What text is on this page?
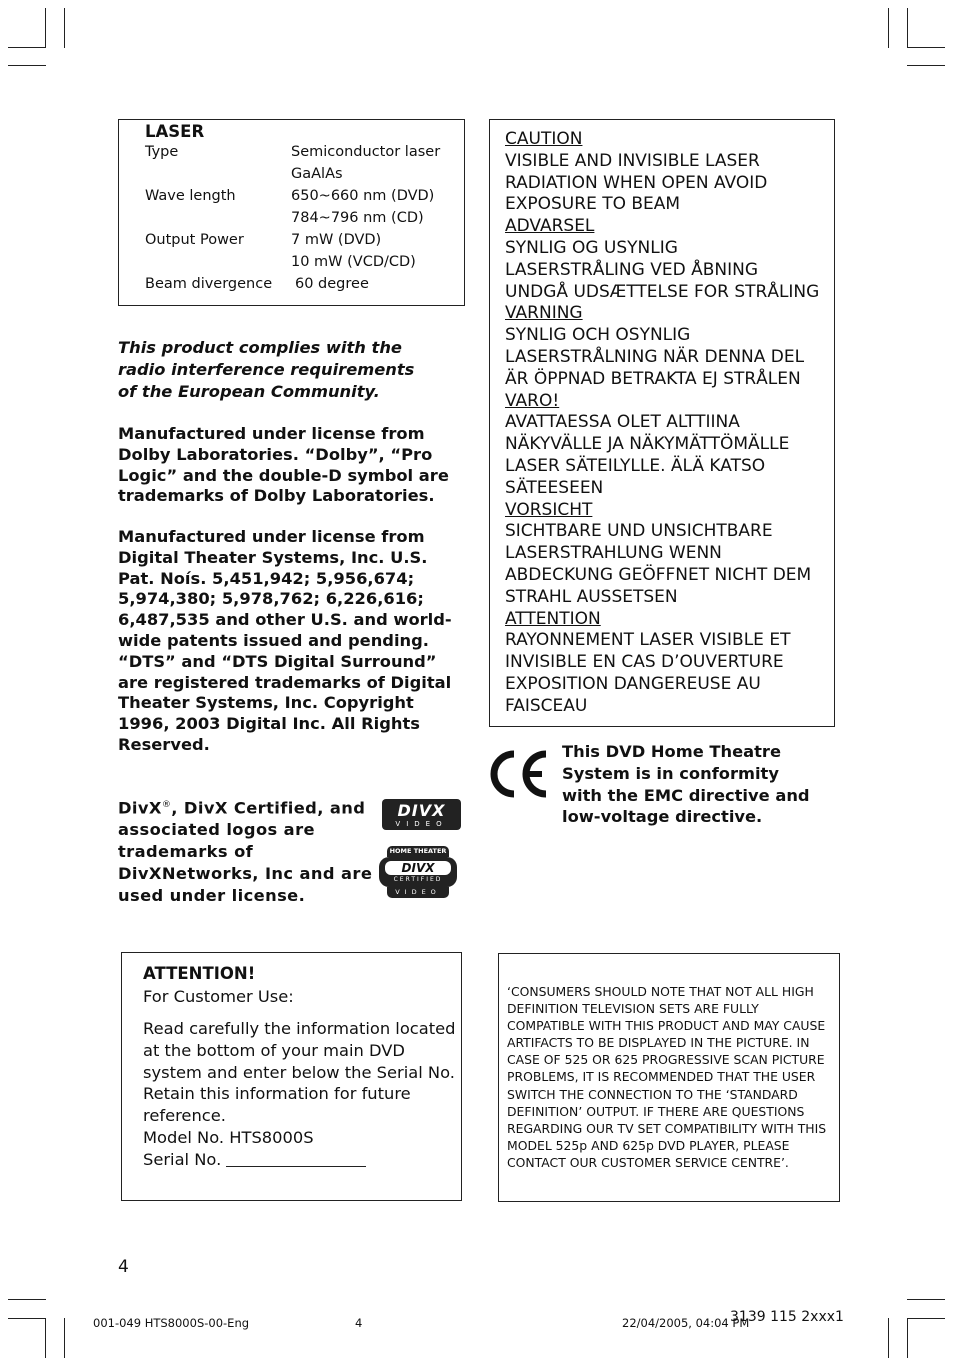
LASER
Type	Semiconductor laser
GaAlAs
Wave length	650~660 nm (DVD)
784~796 nm (CD)
Output Power	7 mW (DVD)
10 mW (VCD/CD)
Beam divergence 60 degree
CAUTION
VISIBLE AND INVISIBLE LASER
RADIATION WHEN OPEN AVOID
EXPOSURE TO BEAM
ADVARSEL
SYNLIG OG USYNLIG
LASERSTRÅLING VED ÅBNING
UNDGÅ UDSÆTTELSE FOR STRÅLING
VARNING
SYNLIG OCH OSYNLIG
LASERSTRÅLNING NÄR DENNA DEL
ÄR ÖPPNAD BETRAKTA EJ STRÅLEN
VARO!
AVATTAESSA OLET ALTTIINA
NÄKYVÄLLE JA NÄKYMÄTTÖMÄLLE
LASER SÄTEILYLLE. ÄLÄ KATSO
SÄTEESEEN
VORSICHT
SICHTBARE UND UNSICHTBARE
LASERSTRAHLUNG WENN
ABDECKUNG GEÖFFNET NICHT DEM
STRAHL AUSSETSEN
ATTENTION
RAYONNEMENT LASER VISIBLE ET
INVISIBLE EN CAS D’OUVERTURE
EXPOSITION DANGEREUSE AU
FAISCEAU
This product complies with the radio interference requirements of the European Community.
Manufactured under license from Dolby Laboratories. “Dolby”, “Pro Logic” and the double-D symbol are trademarks of Dolby Laboratories.
Manufactured under license from Digital Theater Systems, Inc. U.S. Pat. Noís. 5,451,942; 5,956,674; 5,974,380; 5,978,762; 6,226,616; 6,487,535 and other U.S. and world-wide patents issued and pending. “DTS” and “DTS Digital Surround” are registered trademarks of Digital Theater Systems, Inc. Copyright 1996, 2003 Digital Inc. All Rights Reserved.
DivX®, DivX Certified, and associated logos are trademarks of DivXNetworks, Inc and are used under license.
DIVX
VIDEO
HOME THEATER
DIVX
CERTIFIED
VIDEO
This DVD Home Theatre System is in conformity with the EMC directive and low-voltage directive.
ATTENTION!
For Customer Use:
Read carefully the information located at the bottom of your main DVD system and enter below the Serial No. Retain this information for future reference.
Model No. HTS8000S
Serial No.
‘CONSUMERS SHOULD NOTE THAT NOT ALL HIGH DEFINITION TELEVISION SETS ARE FULLY COMPATIBLE WITH THIS PRODUCT AND MAY CAUSE ARTIFACTS TO BE DISPLAYED IN THE PICTURE. IN CASE OF 525 OR 625 PROGRESSIVE SCAN PICTURE PROBLEMS, IT IS RECOMMENDED THAT THE USER SWITCH THE CONNECTION TO THE ‘STANDARD DEFINITION’ OUTPUT. IF THERE ARE QUESTIONS REGARDING OUR TV SET COMPATIBILITY WITH THIS MODEL 525p AND 625p DVD PLAYER, PLEASE CONTACT OUR CUSTOMER SERVICE CENTRE’.
4
001-049 HTS8000S-00-Eng	4	22/04/2005, 04:04 PM
3139 115 2xxx1
